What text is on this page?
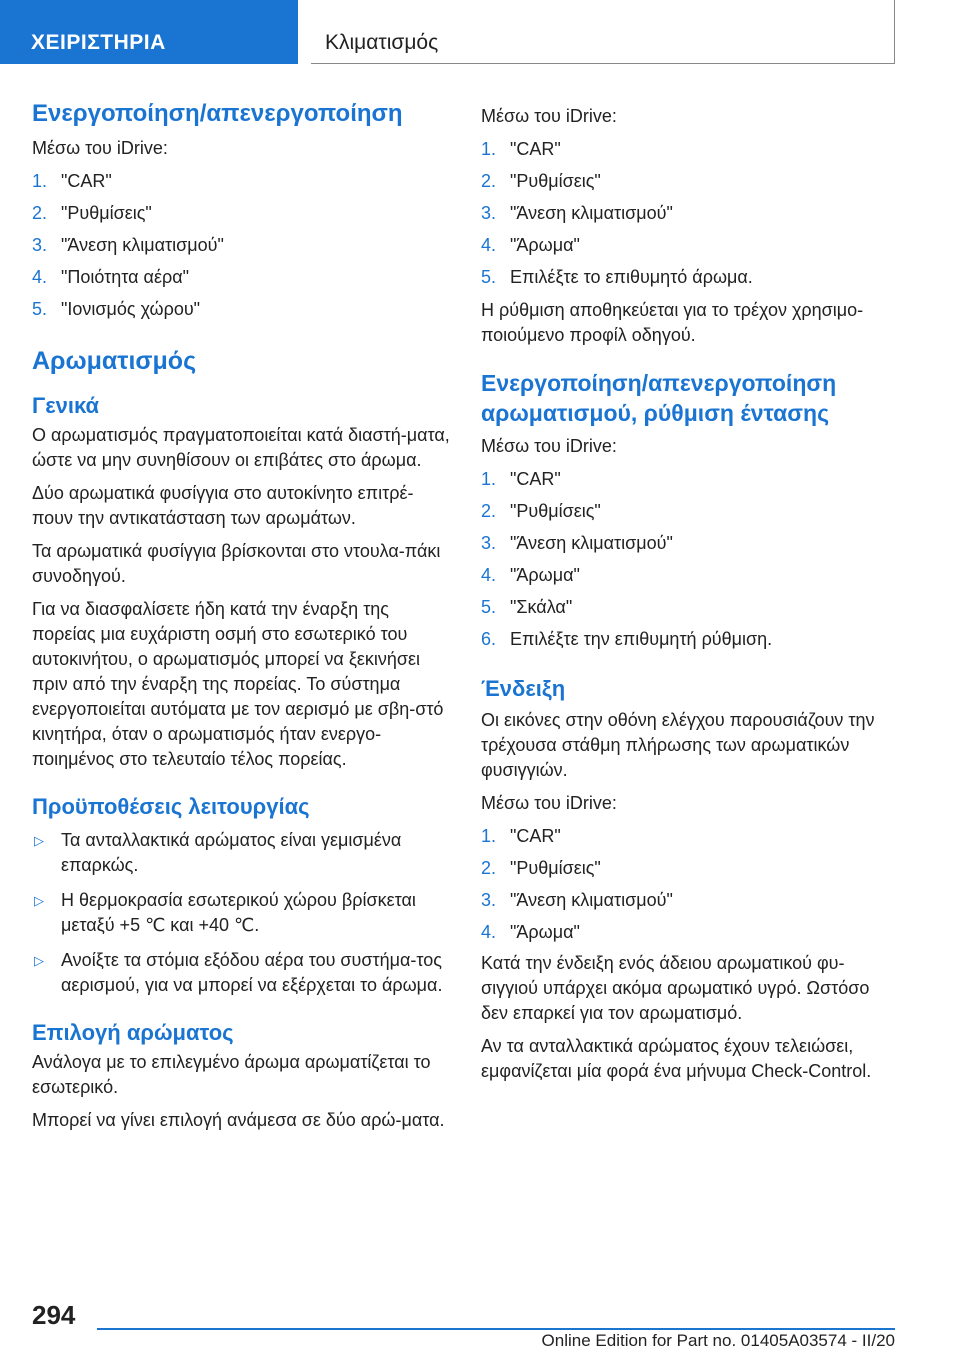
ΧΕΙΡΙΣΤΗΡΙΑ	Κλιματισμός
Ενεργοποίηση/απενεργοποίηση
Μέσω του iDrive:
1. "CAR"
2. "Ρυθμίσεις"
3. "Άνεση κλιματισμού"
4. "Ποιότητα αέρα"
5. "Ιονισμός χώρου"
Αρωματισμός
Γενικά
Ο αρωματισμός πραγματοποιείται κατά διαστή-ματα, ώστε να μην συνηθίσουν οι επιβάτες στο άρωμα.
Δύο αρωματικά φυσίγγια στο αυτοκίνητο επιτρέ-πουν την αντικατάσταση των αρωμάτων.
Τα αρωματικά φυσίγγια βρίσκονται στο ντουλα-πάκι συνοδηγού.
Για να διασφαλίσετε ήδη κατά την έναρξη της πορείας μια ευχάριστη οσμή στο εσωτερικό του αυτοκινήτου, ο αρωματισμός μπορεί να ξεκινήσει πριν από την έναρξη της πορείας. Το σύστημα ενεργοποιείται αυτόματα με τον αερισμό με σβη-στό κινητήρα, όταν ο αρωματισμός ήταν ενεργο-ποιημένος στο τελευταίο τέλος πορείας.
Προϋποθέσεις λειτουργίας
▷ Τα ανταλλακτικά αρώματος είναι γεμισμένα επαρκώς.
▷ Η θερμοκρασία εσωτερικού χώρου βρίσκεται μεταξύ +5 ℃ και +40 ℃.
▷ Ανοίξτε τα στόμια εξόδου αέρα του συστήμα-τος αερισμού, για να μπορεί να εξέρχεται το άρωμα.
Επιλογή αρώματος
Ανάλογα με το επιλεγμένο άρωμα αρωματίζεται το εσωτερικό.
Μπορεί να γίνει επιλογή ανάμεσα σε δύο αρώ-ματα.
Μέσω του iDrive:
1. "CAR"
2. "Ρυθμίσεις"
3. "Άνεση κλιματισμού"
4. "Άρωμα"
5. Επιλέξτε το επιθυμητό άρωμα.
Η ρύθμιση αποθηκεύεται για το τρέχον χρησιμο-ποιούμενο προφίλ οδηγού.
Ενεργοποίηση/απενεργοποίηση αρωματισμού, ρύθμιση έντασης
Μέσω του iDrive:
1. "CAR"
2. "Ρυθμίσεις"
3. "Άνεση κλιματισμού"
4. "Άρωμα"
5. "Σκάλα"
6. Επιλέξτε την επιθυμητή ρύθμιση.
Ένδειξη
Οι εικόνες στην οθόνη ελέγχου παρουσιάζουν την τρέχουσα στάθμη πλήρωσης των αρωματικών φυσιγγιών.
Μέσω του iDrive:
1. "CAR"
2. "Ρυθμίσεις"
3. "Άνεση κλιματισμού"
4. "Άρωμα"
Κατά την ένδειξη ενός άδειου αρωματικού φυ-σιγγιού υπάρχει ακόμα αρωματικό υγρό. Ωστόσο δεν επαρκεί για τον αρωματισμό.
Αν τα ανταλλακτικά αρώματος έχουν τελειώσει, εμφανίζεται μία φορά ένα μήνυμα Check-Control.
294
Online Edition for Part no. 01405A03574 - II/20
